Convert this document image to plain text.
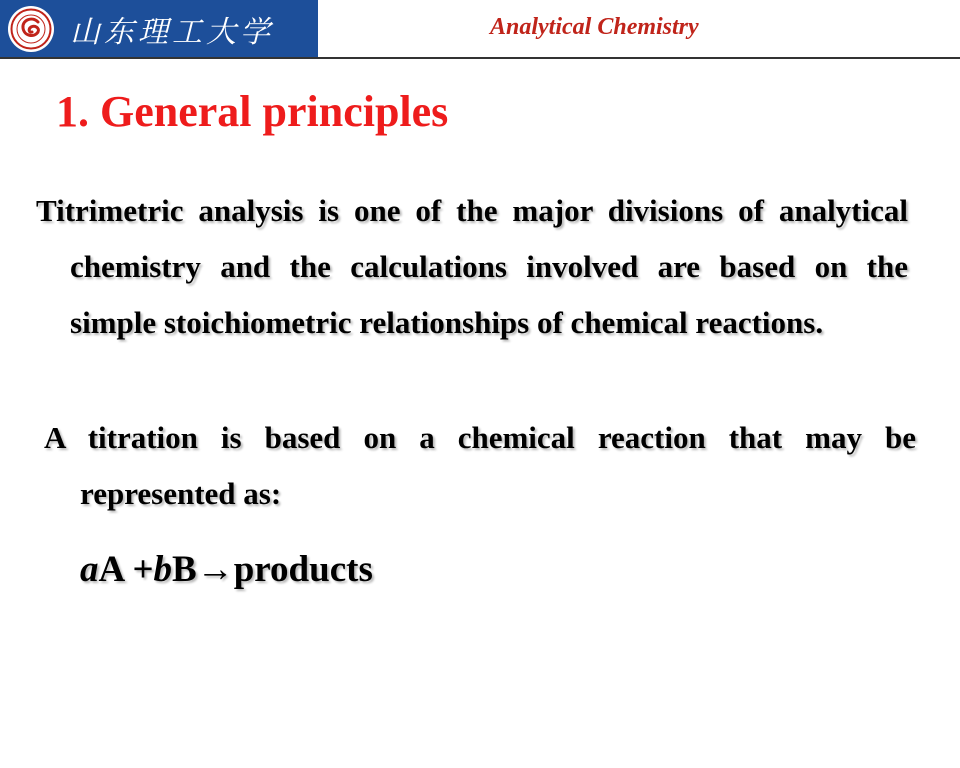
山东理工大学	Analytical Chemistry
1. General principles

Titrimetric analysis is one of the major divisions of analytical chemistry and the calculations involved are based on the simple stoichiometric relationships of chemical reactions.

A titration is based on a chemical reaction that may be represented as:

aA +bB→products
